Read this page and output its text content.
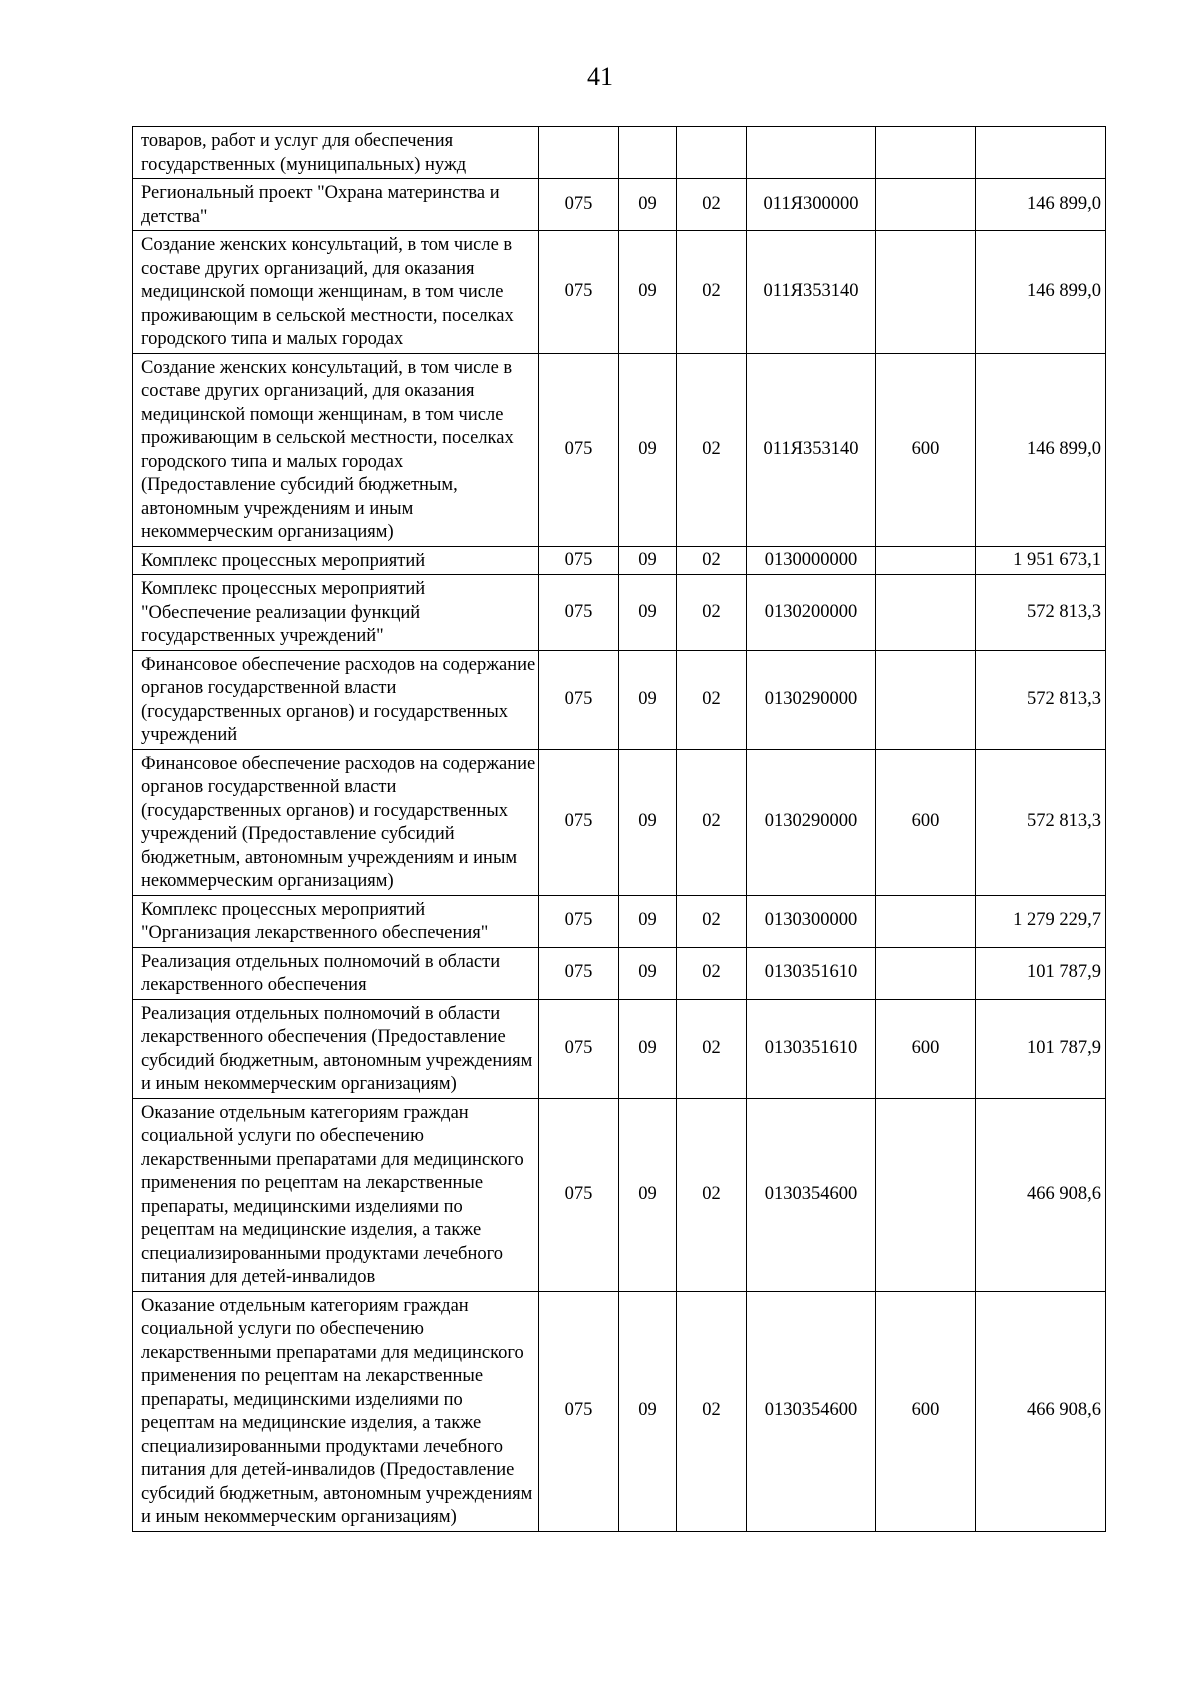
41
товаров, работ и услуг для обеспечения государственных (муниципальных) нужд						
Региональный проект "Охрана материнства и детства"	075	09	02	011Я300000		146 899,0
Создание женских консультаций, в том числе в составе других организаций, для оказания медицинской помощи женщинам, в том числе проживающим в сельской местности, поселках городского типа и малых городах	075	09	02	011Я353140		146 899,0
Создание женских консультаций, в том числе в составе других организаций, для оказания медицинской помощи женщинам, в том числе проживающим в сельской местности, поселках городского типа и малых городах (Предоставление субсидий бюджетным, автономным учреждениям и иным некоммерческим организациям)	075	09	02	011Я353140	600	146 899,0
Комплекс процессных мероприятий	075	09	02	0130000000		1 951 673,1
Комплекс процессных мероприятий "Обеспечение реализации функций государственных учреждений"	075	09	02	0130200000		572 813,3
Финансовое обеспечение расходов на содержание органов государственной власти (государственных органов) и государственных учреждений	075	09	02	0130290000		572 813,3
Финансовое обеспечение расходов на содержание органов государственной власти (государственных органов) и государственных учреждений (Предоставление субсидий бюджетным, автономным учреждениям и иным некоммерческим организациям)	075	09	02	0130290000	600	572 813,3
Комплекс процессных мероприятий "Организация лекарственного обеспечения"	075	09	02	0130300000		1 279 229,7
Реализация отдельных полномочий в области лекарственного обеспечения	075	09	02	0130351610		101 787,9
Реализация отдельных полномочий в области лекарственного обеспечения (Предоставление субсидий бюджетным, автономным учреждениям и иным некоммерческим организациям)	075	09	02	0130351610	600	101 787,9
Оказание отдельным категориям граждан социальной услуги по обеспечению лекарственными препаратами для медицинского применения по рецептам на лекарственные препараты, медицинскими изделиями по рецептам на медицинские изделия, а также специализированными продуктами лечебного питания для детей-инвалидов	075	09	02	0130354600		466 908,6
Оказание отдельным категориям граждан социальной услуги по обеспечению лекарственными препаратами для медицинского применения по рецептам на лекарственные препараты, медицинскими изделиями по рецептам на медицинские изделия, а также специализированными продуктами лечебного питания для детей-инвалидов (Предоставление субсидий бюджетным, автономным учреждениям и иным некоммерческим организациям)	075	09	02	0130354600	600	466 908,6
